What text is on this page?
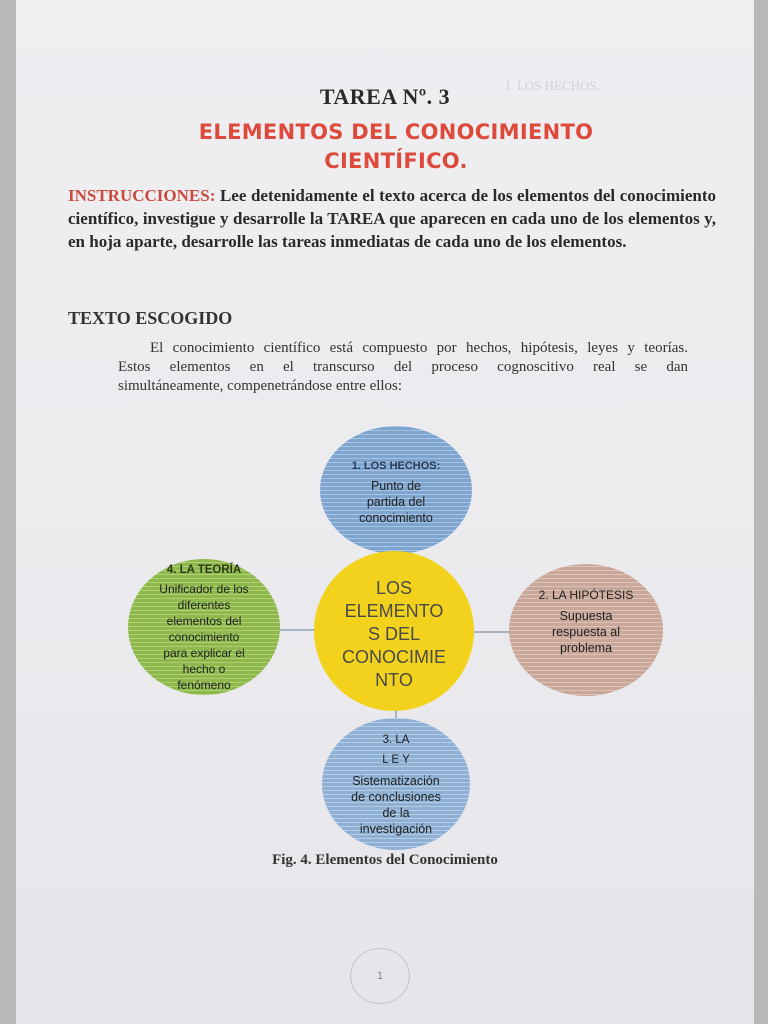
I. LOS HECHOS.
TAREA Nº. 3
ELEMENTOS DEL CONOCIMIENTO
CIENTÍFICO.
INSTRUCCIONES: Lee detenidamente el texto acerca de los elementos del conocimiento científico, investigue y desarrolle la TAREA que aparecen en cada uno de los elementos y, en hoja aparte, desarrolle las tareas inmediatas de cada uno de los elementos.
TEXTO ESCOGIDO
El conocimiento científico está compuesto por hechos, hipótesis, leyes y teorías.
Estos elementos en el transcurso del proceso cognoscitivo real se dan
simultáneamente, compenetrándose entre ellos:
1. LOS HECHOS:
Punto de
partida del
conocimiento
2. LA HIPÓTESIS
Supuesta
respuesta al
problema
3. LA
L E Y
Sistematización
de conclusiones
de la
investigación
4. LA TEORÍA
Unificador de los
diferentes
elementos del
conocimiento
para explicar el
hecho o
fenómeno
LOS
ELEMENTO
S DEL
CONOCIMIE
NTO
Fig. 4. Elementos del Conocimiento
1
